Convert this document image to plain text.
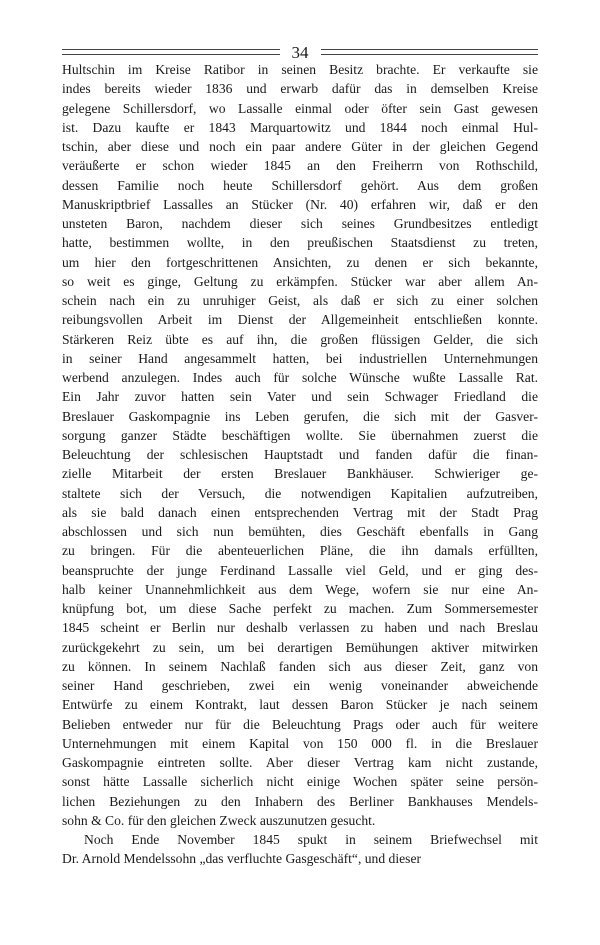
34
Hultschin im Kreise Ratibor in seinen Besitz brachte. Er verkaufte sie
indes bereits wieder 1836 und erwarb dafür das in demselben Kreise
gelegene Schillersdorf, wo Lassalle einmal oder öfter sein Gast gewesen
ist. Dazu kaufte er 1843 Marquartowitz und 1844 noch einmal Hul-
tschin, aber diese und noch ein paar andere Güter in der gleichen Gegend
veräußerte er schon wieder 1845 an den Freiherrn von Rothschild,
dessen Familie noch heute Schillersdorf gehört. Aus dem großen
Manuskriptbrief Lassalles an Stücker (Nr. 40) erfahren wir, daß er den
unsteten Baron, nachdem dieser sich seines Grundbesitzes entledigt
hatte, bestimmen wollte, in den preußischen Staatsdienst zu treten,
um hier den fortgeschrittenen Ansichten, zu denen er sich bekannte,
so weit es ginge, Geltung zu erkämpfen. Stücker war aber allem An-
schein nach ein zu unruhiger Geist, als daß er sich zu einer solchen
reibungsvollen Arbeit im Dienst der Allgemeinheit entschließen konnte.
Stärkeren Reiz übte es auf ihn, die großen flüssigen Gelder, die sich
in seiner Hand angesammelt hatten, bei industriellen Unternehmungen
werbend anzulegen. Indes auch für solche Wünsche wußte Lassalle Rat.
Ein Jahr zuvor hatten sein Vater und sein Schwager Friedland die
Breslauer Gaskompagnie ins Leben gerufen, die sich mit der Gasver-
sorgung ganzer Städte beschäftigen wollte. Sie übernahmen zuerst die
Beleuchtung der schlesischen Hauptstadt und fanden dafür die finan-
zielle Mitarbeit der ersten Breslauer Bankhäuser. Schwieriger ge-
staltete sich der Versuch, die notwendigen Kapitalien aufzutreiben,
als sie bald danach einen entsprechenden Vertrag mit der Stadt Prag
abschlossen und sich nun bemühten, dies Geschäft ebenfalls in Gang
zu bringen. Für die abenteuerlichen Pläne, die ihn damals erfüllten,
beanspruchte der junge Ferdinand Lassalle viel Geld, und er ging des-
halb keiner Unannehmlichkeit aus dem Wege, wofern sie nur eine An-
knüpfung bot, um diese Sache perfekt zu machen. Zum Sommersemester
1845 scheint er Berlin nur deshalb verlassen zu haben und nach Breslau
zurückgekehrt zu sein, um bei derartigen Bemühungen aktiver mitwirken
zu können. In seinem Nachlaß fanden sich aus dieser Zeit, ganz von
seiner Hand geschrieben, zwei ein wenig voneinander abweichende
Entwürfe zu einem Kontrakt, laut dessen Baron Stücker je nach seinem
Belieben entweder nur für die Beleuchtung Prags oder auch für weitere
Unternehmungen mit einem Kapital von 150 000 fl. in die Breslauer
Gaskompagnie eintreten sollte. Aber dieser Vertrag kam nicht zustande,
sonst hätte Lassalle sicherlich nicht einige Wochen später seine persön-
lichen Beziehungen zu den Inhabern des Berliner Bankhauses Mendels-
sohn & Co. für den gleichen Zweck auszunutzen gesucht.
Noch Ende November 1845 spukt in seinem Briefwechsel mit
Dr. Arnold Mendelssohn „das verfluchte Gasgeschäft“, und dieser
